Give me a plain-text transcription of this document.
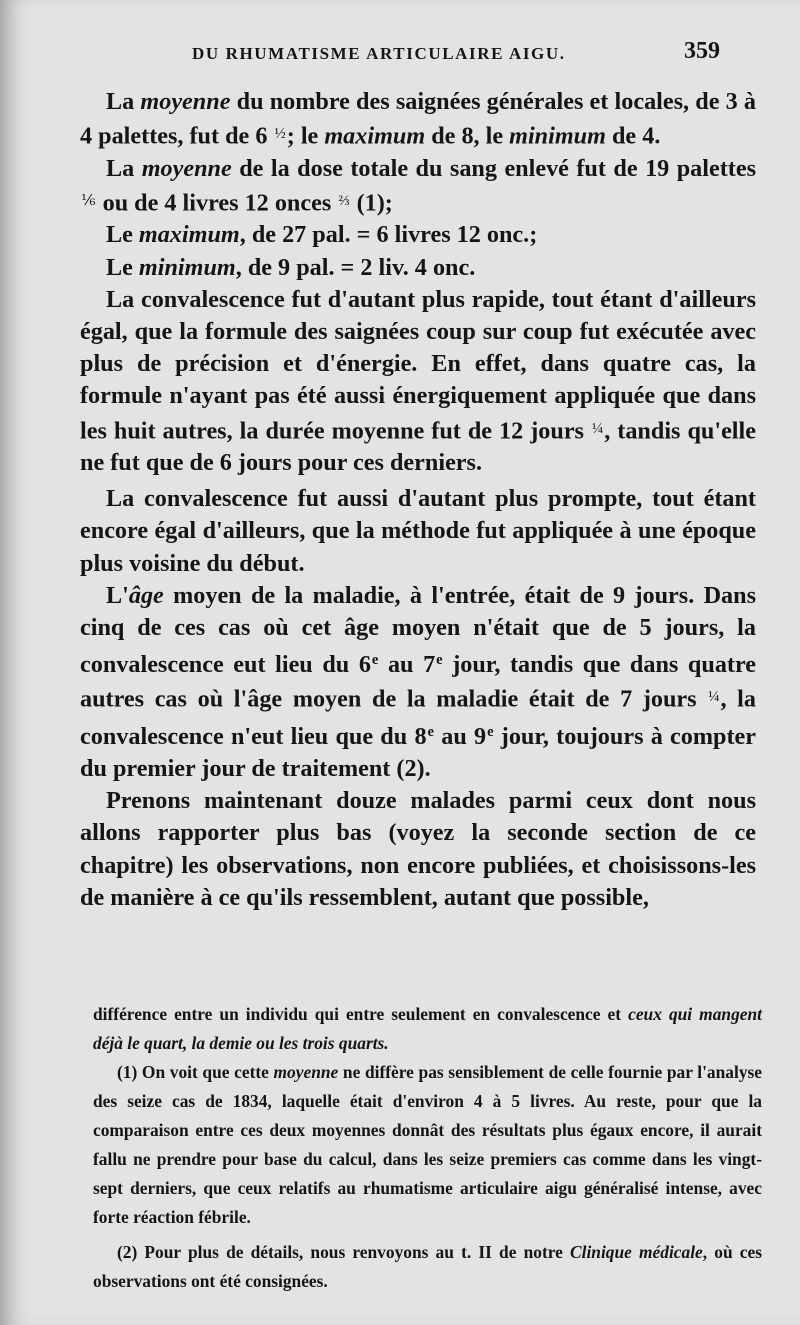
DU RHUMATISME ARTICULAIRE AIGU.	359

La moyenne du nombre des saignées générales et locales, de 3 à 4 palettes, fut de 6 $^{\frac{1}{2}}$; le maximum de 8, le minimum de 4.

La moyenne de la dose totale du sang enlevé fut de 19 palettes $^{\frac{1}{6}}$ ou de 4 livres 12 onces $^{\frac{2}{3}}$ (1);

Le maximum, de 27 pal. = 6 livres 12 onc.;

Le minimum, de 9 pal. = 2 liv. 4 onc.

La convalescence fut d'autant plus rapide, tout étant d'ailleurs égal, que la formule des saignées coup sur coup fut exécutée avec plus de précision et d'énergie. En effet, dans quatre cas, la formule n'ayant pas été aussi énergiquement appliquée que dans les huit autres, la durée moyenne fut de 12 jours $^{\frac{1}{4}}$, tandis qu'elle ne fut que de 6 jours pour ces derniers.

La convalescence fut aussi d'autant plus prompte, tout étant encore égal d'ailleurs, que la méthode fut appliquée à une époque plus voisine du début.

L'âge moyen de la maladie, à l'entrée, était de 9 jours. Dans cinq de ces cas où cet âge moyen n'était que de 5 jours, la convalescence eut lieu du 6e au 7e jour, tandis que dans quatre autres cas où l'âge moyen de la maladie était de 7 jours $^{\frac{1}{4}}$, la convalescence n'eut lieu que du 8e au 9e jour, toujours à compter du premier jour de traitement (2).

Prenons maintenant douze malades parmi ceux dont nous allons rapporter plus bas (voyez la seconde section de ce chapitre) les observations, non encore publiées, et choisissons-les de manière à ce qu'ils ressemblent, autant que possible,

différence entre un individu qui entre seulement en convalescence et ceux qui mangent déjà le quart, la demie ou les trois quarts.

(1) On voit que cette moyenne ne diffère pas sensiblement de celle fournie par l'analyse des seize cas de 1834, laquelle était d'environ 4 à 5 livres. Au reste, pour que la comparaison entre ces deux moyennes donnât des résultats plus égaux encore, il aurait fallu ne prendre pour base du calcul, dans les seize premiers cas comme dans les vingt-sept derniers, que ceux relatifs au rhumatisme articulaire aigu généralisé intense, avec forte réaction fébrile.

(2) Pour plus de détails, nous renvoyons au t. II de notre Clinique médicale, où ces observations ont été consignées.
